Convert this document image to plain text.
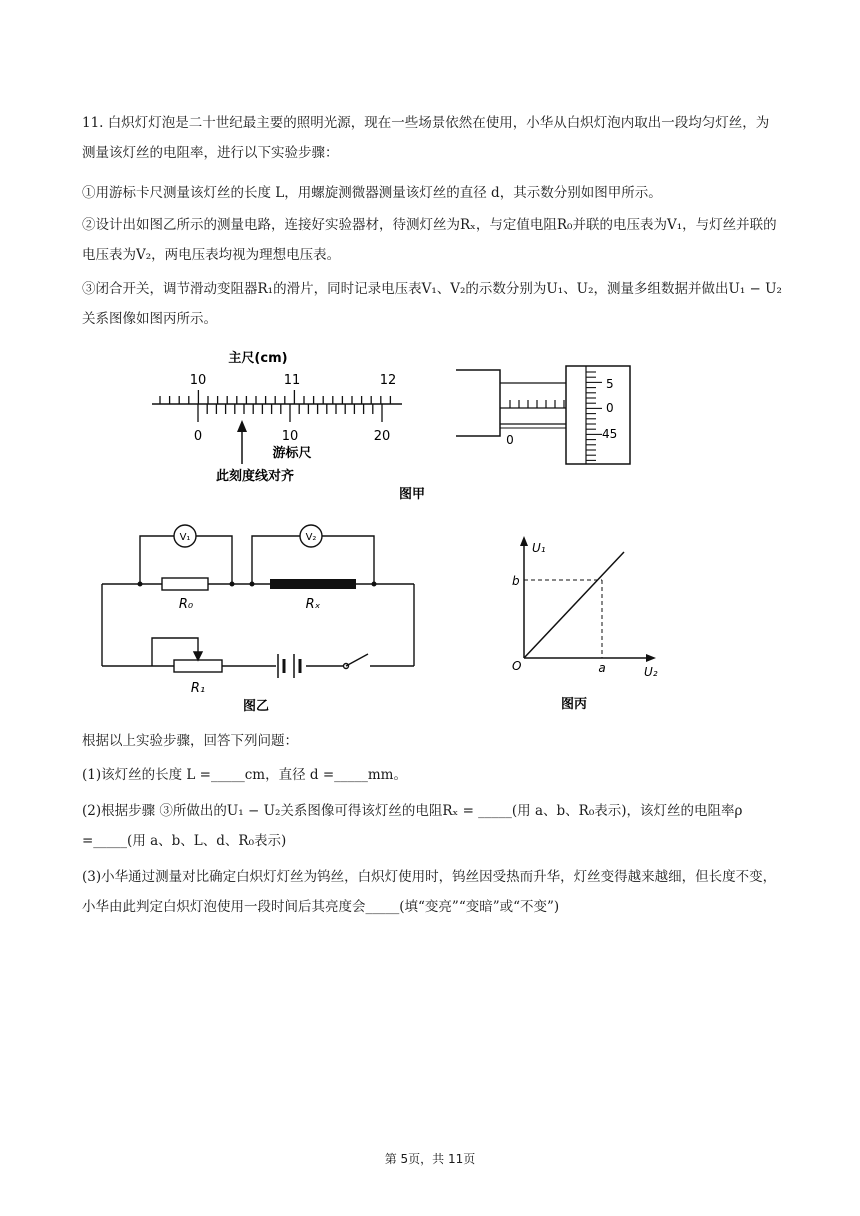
11. 白炽灯灯泡是二十世纪最主要的照明光源，现在一些场景依然在使用，小华从白炽灯泡内取出一段均匀灯丝，为测量该灯丝的电阻率，进行以下实验步骤：

①用游标卡尺测量该灯丝的长度 L，用螺旋测微器测量该灯丝的直径 d，其示数分别如图甲所示。

②设计出如图乙所示的测量电路，连接好实验器材，待测灯丝为Rₓ，与定值电阻R₀并联的电压表为V₁，与灯丝并联的电压表为V₂，两电压表均视为理想电压表。

③闭合开关，调节滑动变阻器R₁的滑片，同时记录电压表V₁、V₂的示数分别为U₁、U₂，测量多组数据并做出U₁ − U₂关系图像如图丙所示。

主尺(cm)
10	11	12
0	10	20
游标尺
此刻度线对齐
0
5
0
45
图甲
V₁	V₂
R₀	Rₓ
R₁
图乙
U₁
U₂
O
b
a
图丙

根据以上实验步骤，回答下列问题：

(1)该灯丝的长度 L =_____cm，直径 d =_____mm。

(2)根据步骤 ③所做出的U₁ − U₂关系图像可得该灯丝的电阻Rₓ = _____(用 a、b、R₀表示)，该灯丝的电阻率ρ =_____(用 a、b、L、d、R₀表示)

(3)小华通过测量对比确定白炽灯灯丝为钨丝，白炽灯使用时，钨丝因受热而升华，灯丝变得越来越细，但长度不变，小华由此判定白炽灯泡使用一段时间后其亮度会_____(填“变亮”“变暗”或“不变”)

第 5页，共 11页
